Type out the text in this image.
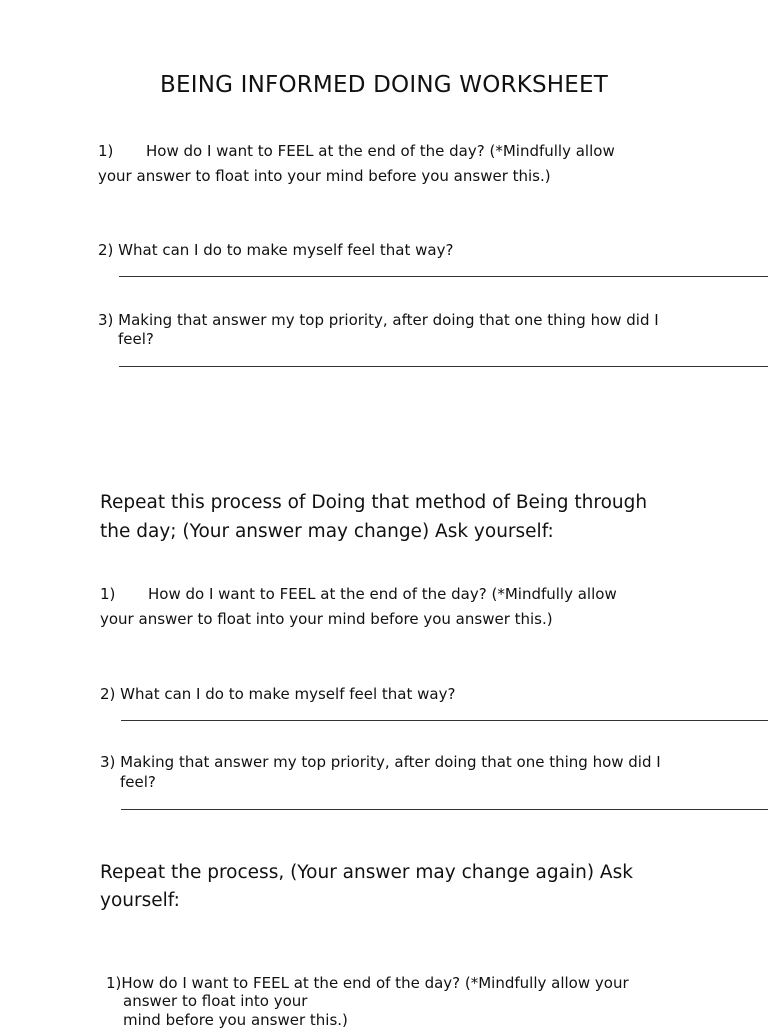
BEING INFORMED DOING WORKSHEET
1) How do I want to FEEL at the end of the day? (*Mindfully allow
your answer to float into your mind before you answer this.)
2) What can I do to make myself feel that way?
3) Making that answer my top priority, after doing that one thing how did I
feel?
Repeat this process of Doing that method of Being through
the day; (Your answer may change) Ask yourself:
1) How do I want to FEEL at the end of the day? (*Mindfully allow
your answer to float into your mind before you answer this.)
2) What can I do to make myself feel that way?
3) Making that answer my top priority, after doing that one thing how did I
feel?
Repeat the process, (Your answer may change again) Ask
yourself:
1)How do I want to FEEL at the end of the day? (*Mindfully allow your
answer to float into your
mind before you answer this.)
